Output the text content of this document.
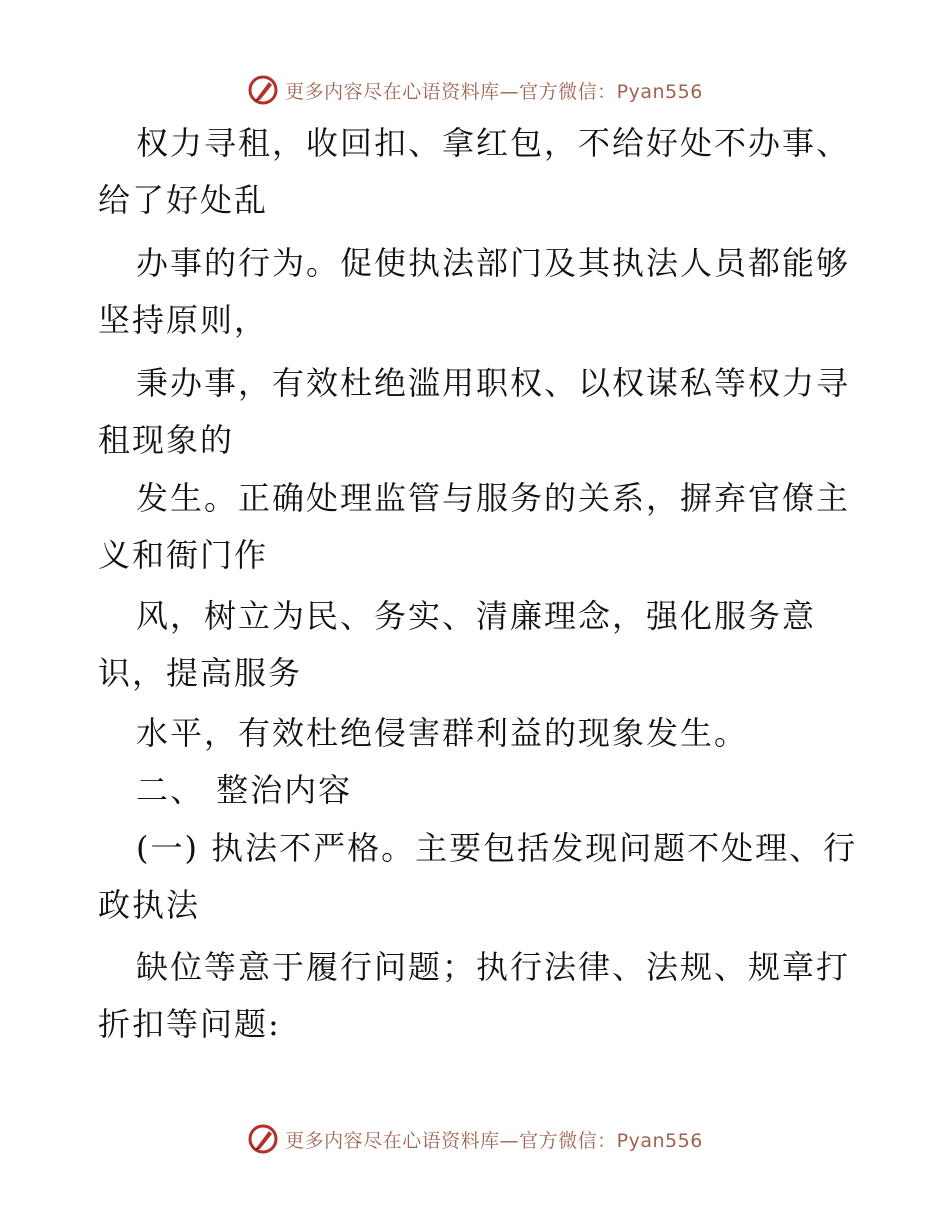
更多内容尽在心语资料库—官方微信：Pyan556
权力寻租，收回扣、拿红包，不给好处不办事、
给了好处乱
办事的行为。促使执法部门及其执法人员都能够
坚持原则，
秉办事，有效杜绝滥用职权、以权谋私等权力寻
租现象的
发生。正确处理监管与服务的关系，摒弃官僚主
义和衙门作
风，树立为民、务实、清廉理念，强化服务意
识，提高服务
水平，有效杜绝侵害群利益的现象发生。
二、 整治内容
(一) 执法不严格。主要包括发现问题不处理、行
政执法
缺位等意于履行问题；执行法律、法规、规章打
折扣等问题:
更多内容尽在心语资料库—官方微信：Pyan556
